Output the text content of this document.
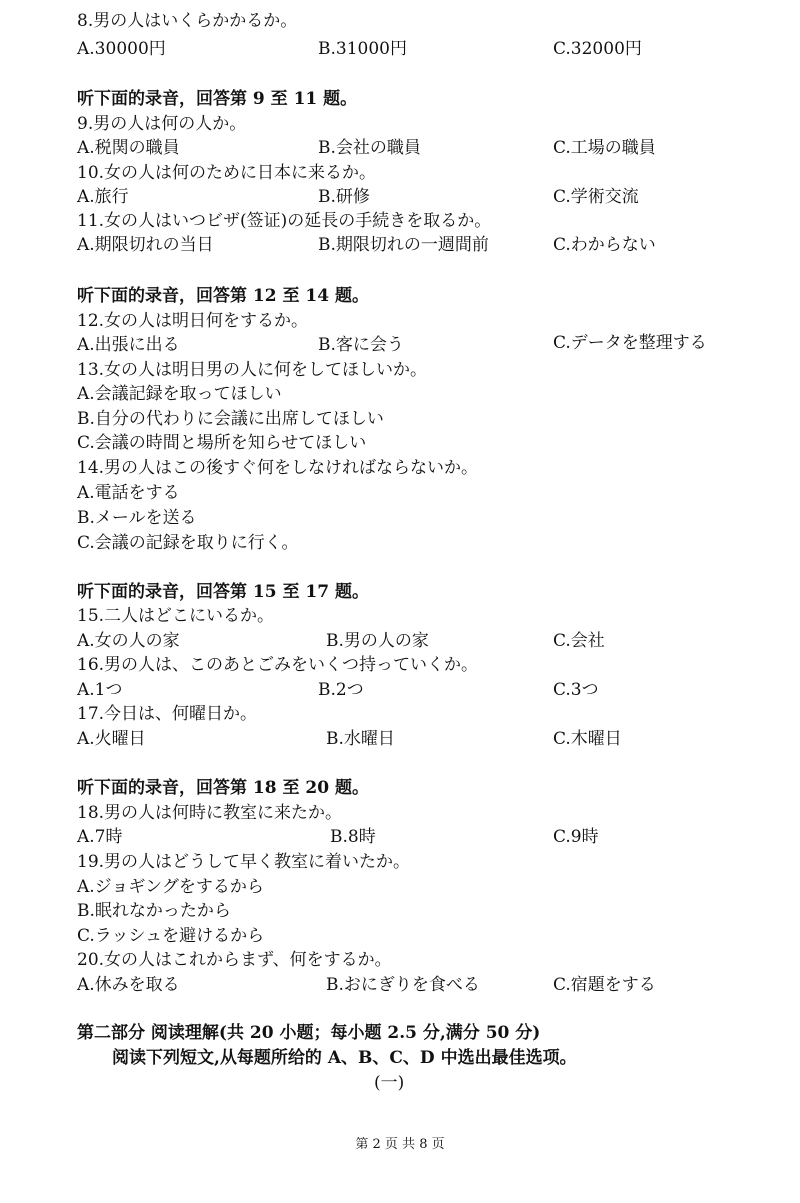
8.男の人はいくらかかるか。
A.30000円	B.31000円	C.32000円
听下面的录音，回答第 9 至 11 题。
9.男の人は何の人か。
A.税関の職員	B.会社の職員	C.工場の職員
10.女の人は何のために日本に来るか。
A.旅行	B.研修	C.学術交流
11.女の人はいつビザ(签证)の延長の手続きを取るか。
A.期限切れの当日	B.期限切れの一週間前	C.わからない
听下面的录音，回答第 12 至 14 题。
12.女の人は明日何をするか。
A.出張に出る	B.客に会う	C.データを整理する
13.女の人は明日男の人に何をしてほしいか。
A.会議記録を取ってほしい
B.自分の代わりに会議に出席してほしい
C.会議の時間と場所を知らせてほしい
14.男の人はこの後すぐ何をしなければならないか。
A.電話をする
B.メールを送る
C.会議の記録を取りに行く。
听下面的录音，回答第 15 至 17 题。
15.二人はどこにいるか。
A.女の人の家	B.男の人の家	C.会社
16.男の人は、このあとごみをいくつ持っていくか。
A.1つ	B.2つ	C.3つ
17.今日は、何曜日か。
A.火曜日	B.水曜日	C.木曜日
听下面的录音，回答第 18 至 20 题。
18.男の人は何時に教室に来たか。
A.7時	B.8時	C.9時
19.男の人はどうして早く教室に着いたか。
A.ジョギングをするから
B.眠れなかったから
C.ラッシュを避けるから
20.女の人はこれからまず、何をするか。
A.休みを取る	B.おにぎりを食べる	C.宿題をする
第二部分 阅读理解(共 20 小题；每小题 2.5 分,满分 50 分)
阅读下列短文,从每题所给的 A、B、C、D 中选出最佳选项。
(一)
第 2 页 共 8 页
